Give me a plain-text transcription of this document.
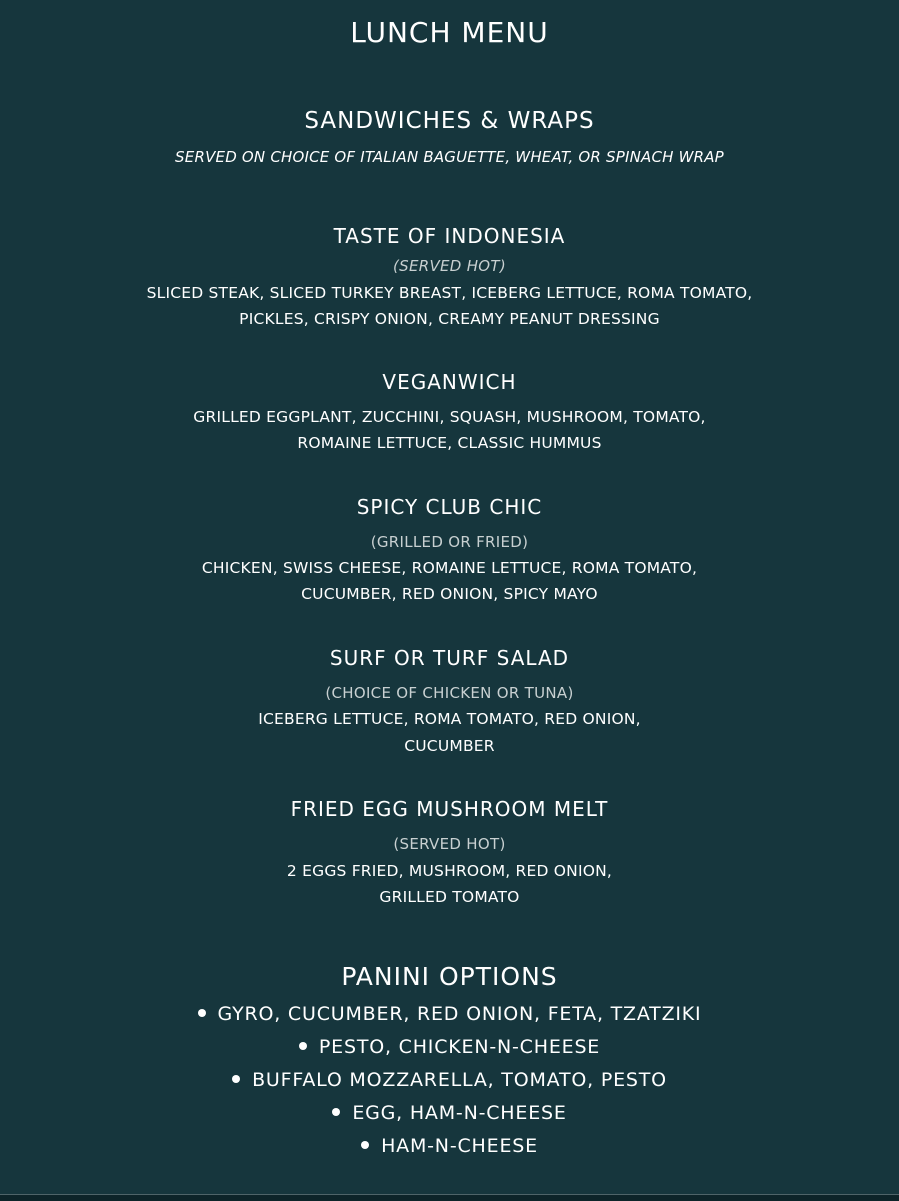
LUNCH MENU
SANDWICHES & WRAPS
SERVED ON CHOICE OF ITALIAN BAGUETTE, WHEAT, OR SPINACH WRAP
TASTE OF INDONESIA
(SERVED HOT)
SLICED STEAK, SLICED TURKEY BREAST, ICEBERG LETTUCE, ROMA TOMATO,
PICKLES, CRISPY ONION, CREAMY PEANUT DRESSING
VEGANWICH
GRILLED EGGPLANT, ZUCCHINI, SQUASH, MUSHROOM, TOMATO,
ROMAINE LETTUCE, CLASSIC HUMMUS
SPICY CLUB CHIC
(GRILLED OR FRIED)
CHICKEN, SWISS CHEESE, ROMAINE LETTUCE, ROMA TOMATO,
CUCUMBER, RED ONION, SPICY MAYO
SURF OR TURF SALAD
(CHOICE OF CHICKEN OR TUNA)
ICEBERG LETTUCE, ROMA TOMATO, RED ONION,
CUCUMBER
FRIED EGG MUSHROOM MELT
(SERVED HOT)
2 EGGS FRIED, MUSHROOM, RED ONION,
GRILLED TOMATO
PANINI OPTIONS
GYRO, CUCUMBER, RED ONION, FETA, TZATZIKI
PESTO, CHICKEN-N-CHEESE
BUFFALO MOZZARELLA, TOMATO, PESTO
EGG, HAM-N-CHEESE
HAM-N-CHEESE
